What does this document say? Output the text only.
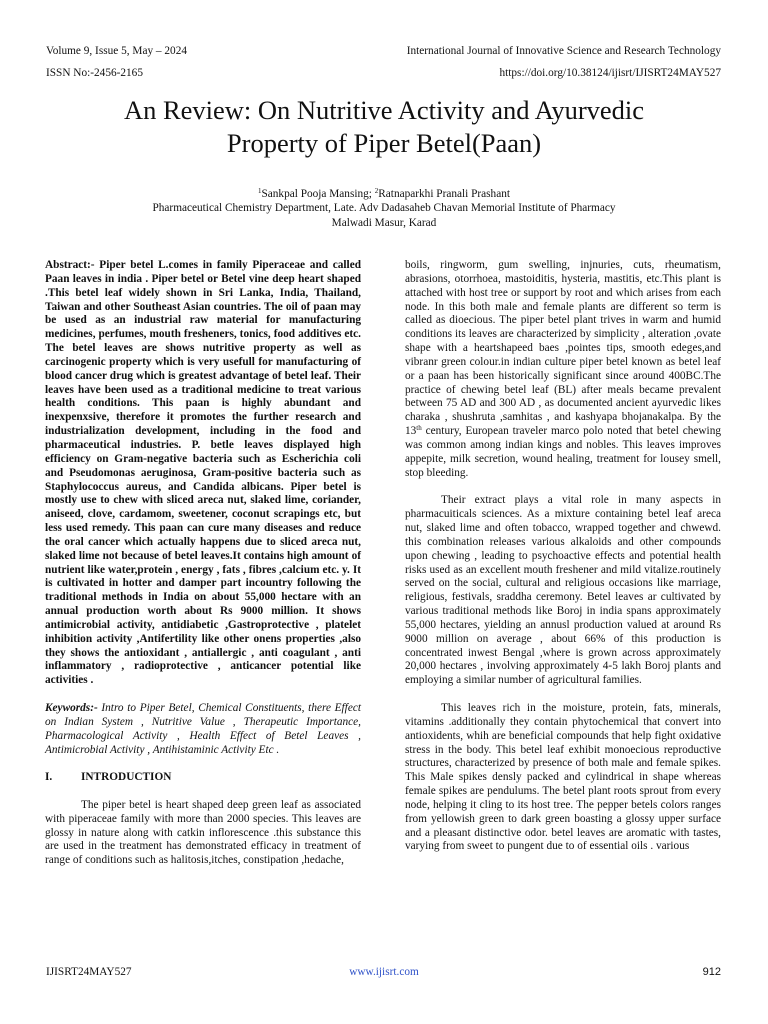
Volume 9, Issue 5, May – 2024
ISSN No:-2456-2165
International Journal of Innovative Science and Research Technology
https://doi.org/10.38124/ijisrt/IJISRT24MAY527
An Review: On Nutritive Activity and Ayurvedic
Property of Piper Betel(Paan)
$^1$Sankpal Pooja Mansing; $^2$Ratnaparkhi Pranali Prashant
Pharmaceutical Chemistry Department, Late. Adv Dadasaheb Chavan Memorial Institute of Pharmacy
Malwadi Masur, Karad

Abstract:- Piper betel L.comes in family Piperaceae and called Paan leaves in india . Piper betel or Betel vine deep heart shaped .This betel leaf widely shown in Sri Lanka, India, Thailand, Taiwan and other Southeast Asian countries. The oil of paan may be used as an industrial raw material for manufacturing medicines, perfumes, mouth fresheners, tonics, food additives etc. The betel leaves are shows nutritive property as well as carcinogenic property which is very usefull for manufacturing of blood cancer drug which is greatest advantage of betel leaf. Their leaves have been used as a traditional medicine to treat various health conditions. This paan is highly abundant and inexpenxsive, therefore it promotes the further research and industrialization development, including in the food and pharmaceutical industries. P. betle leaves displayed high efficiency on Gram-negative bacteria such as Escherichia coli and Pseudomonas aeruginosa, Gram-positive bacteria such as Staphylococcus aureus, and Candida albicans. Piper betel is mostly use to chew with sliced areca nut, slaked lime, coriander, aniseed, clove, cardamom, sweetener, coconut scrapings etc, but less used remedy. This paan can cure many diseases and reduce the oral cancer which actually happens due to sliced areca nut, slaked lime not because of betel leaves.It contains high amount of nutrient like water,protein , energy , fats , fibres ,calcium etc. y. It is cultivated in hotter and damper part incountry following the traditional methods in India on about 55,000 hectare with an annual production worth about Rs 9000 million. It shows antimicrobial activity, antidiabetic ,Gastroprotective , platelet inhibition activity ,Antifertility like other onens properties ,also they shows the antioxidant , antiallergic , anti coagulant , anti inflammatory , radioprotective , anticancer potential like activities .

Keywords:- Intro to Piper Betel, Chemical Constituents, there Effect on Indian System , Nutritive Value , Therapeutic Importance, Pharmacological Activity , Health Effect of Betel Leaves , Antimicrobial Activity , Antihistaminic Activity Etc .

I.	INTRODUCTION

The piper betel is heart shaped deep green leaf as associated with piperaceae family with more than 2000 species. This leaves are glossy in nature along with catkin inflorescence .this substance this are used in the treatment has demonstrated efficacy in treatment of range of conditions such as halitosis,itches, constipation ,hedache,

boils, ringworm, gum swelling, injnuries, cuts, rheumatism, abrasions, otorrhoea, mastoiditis, hysteria, mastitis, etc.This plant is attached with host tree or support by root and which arises from each node. In this both male and female plants are different so term is called as dioecious. The piper betel plant trives in warm and humid conditions its leaves are characterized by simplicity , alteration ,ovate shape with a heartshapeed baes ,pointes tips, smooth edeges,and vibranr green colour.in indian culture piper betel known as betel leaf or a paan has been historically significant since around 400BC.The practice of chewing betel leaf (BL) after meals became prevalent between 75 AD and 300 AD , as documented ancient ayurvedic likes charaka , shushruta ,samhitas , and kashyapa bhojanakalpa. By the 13th century, European traveler marco polo noted that betel chewing was common among indian kings and nobles. This leaves improves appepite, milk secretion, wound healing, treatment for lousey smell, stop bleeding.

Their extract plays a vital role in many aspects in pharmacuiticals sciences. As a mixture containing betel leaf areca nut, slaked lime and often tobacco, wrapped together and chwewd. this combination releases various alkaloids and other compounds upon chewing , leading to psychoactive effects and potential health risks used as an excellent mouth freshener and mild vitalize.routinely served on the social, cultural and religious occasions like marriage, religious, festivals, sraddha ceremony. Betel leaves ar cultivated by various traditional methods like Boroj in india spans approximately 55,000 hectares, yielding an annusl production valued at around Rs 9000 million on average , about 66% of this production is concentrated inwest Bengal ,where is grown across approximately 20,000 hectares , involving approximately 4-5 lakh Boroj plants and employing a similar number of agricultural families.

This leaves rich in the moisture, protein, fats, minerals, vitamins .additionally they contain phytochemical that convert into antioxidents, whih are beneficial compounds that help fight oxidative stress in the body. This betel leaf exhibit monoecious reproductive structures, characterized by presence of both male and female spikes. This Male spikes densly packed and cylindrical in shape whereas female spikes are pendulums. The betel plant roots sprout from every node, helping it cling to its host tree. The pepper betels colors ranges from yellowish green to dark green boasting a glossy upper surface and a pleasant distinctive odor. betel leaves are aromatic with tastes, varying from sweet to pungent due to of essential oils . various

IJISRT24MAY527	www.ijisrt.com	912
